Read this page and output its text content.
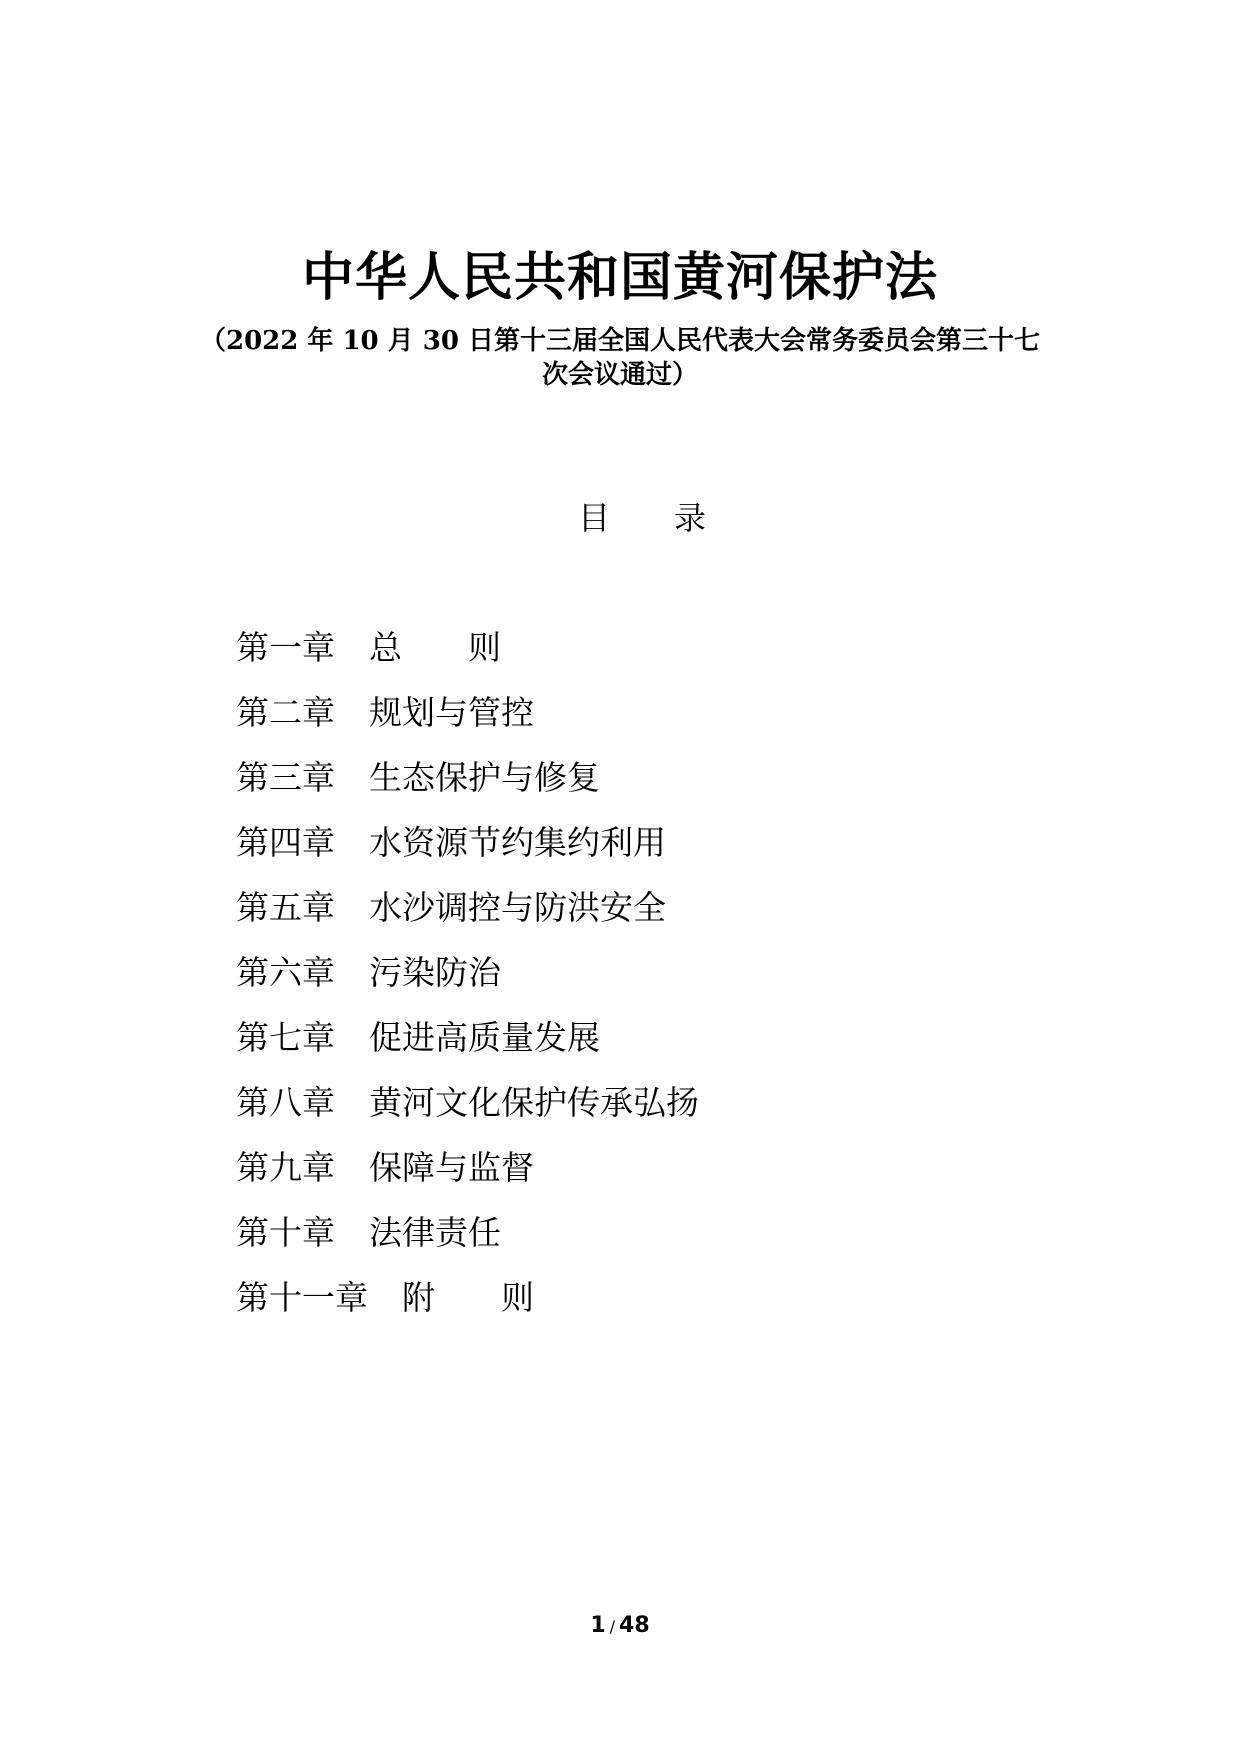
中华人民共和国黄河保护法
（2022 年 10 月 30 日第十三届全国人民代表大会常务委员会第三十七
次会议通过）
目 录
第一章 总 则
第二章 规划与管控
第三章 生态保护与修复
第四章 水资源节约集约利用
第五章 水沙调控与防洪安全
第六章 污染防治
第七章 促进高质量发展
第八章 黄河文化保护传承弘扬
第九章 保障与监督
第十章 法律责任
第十一章 附 则
1 / 48
